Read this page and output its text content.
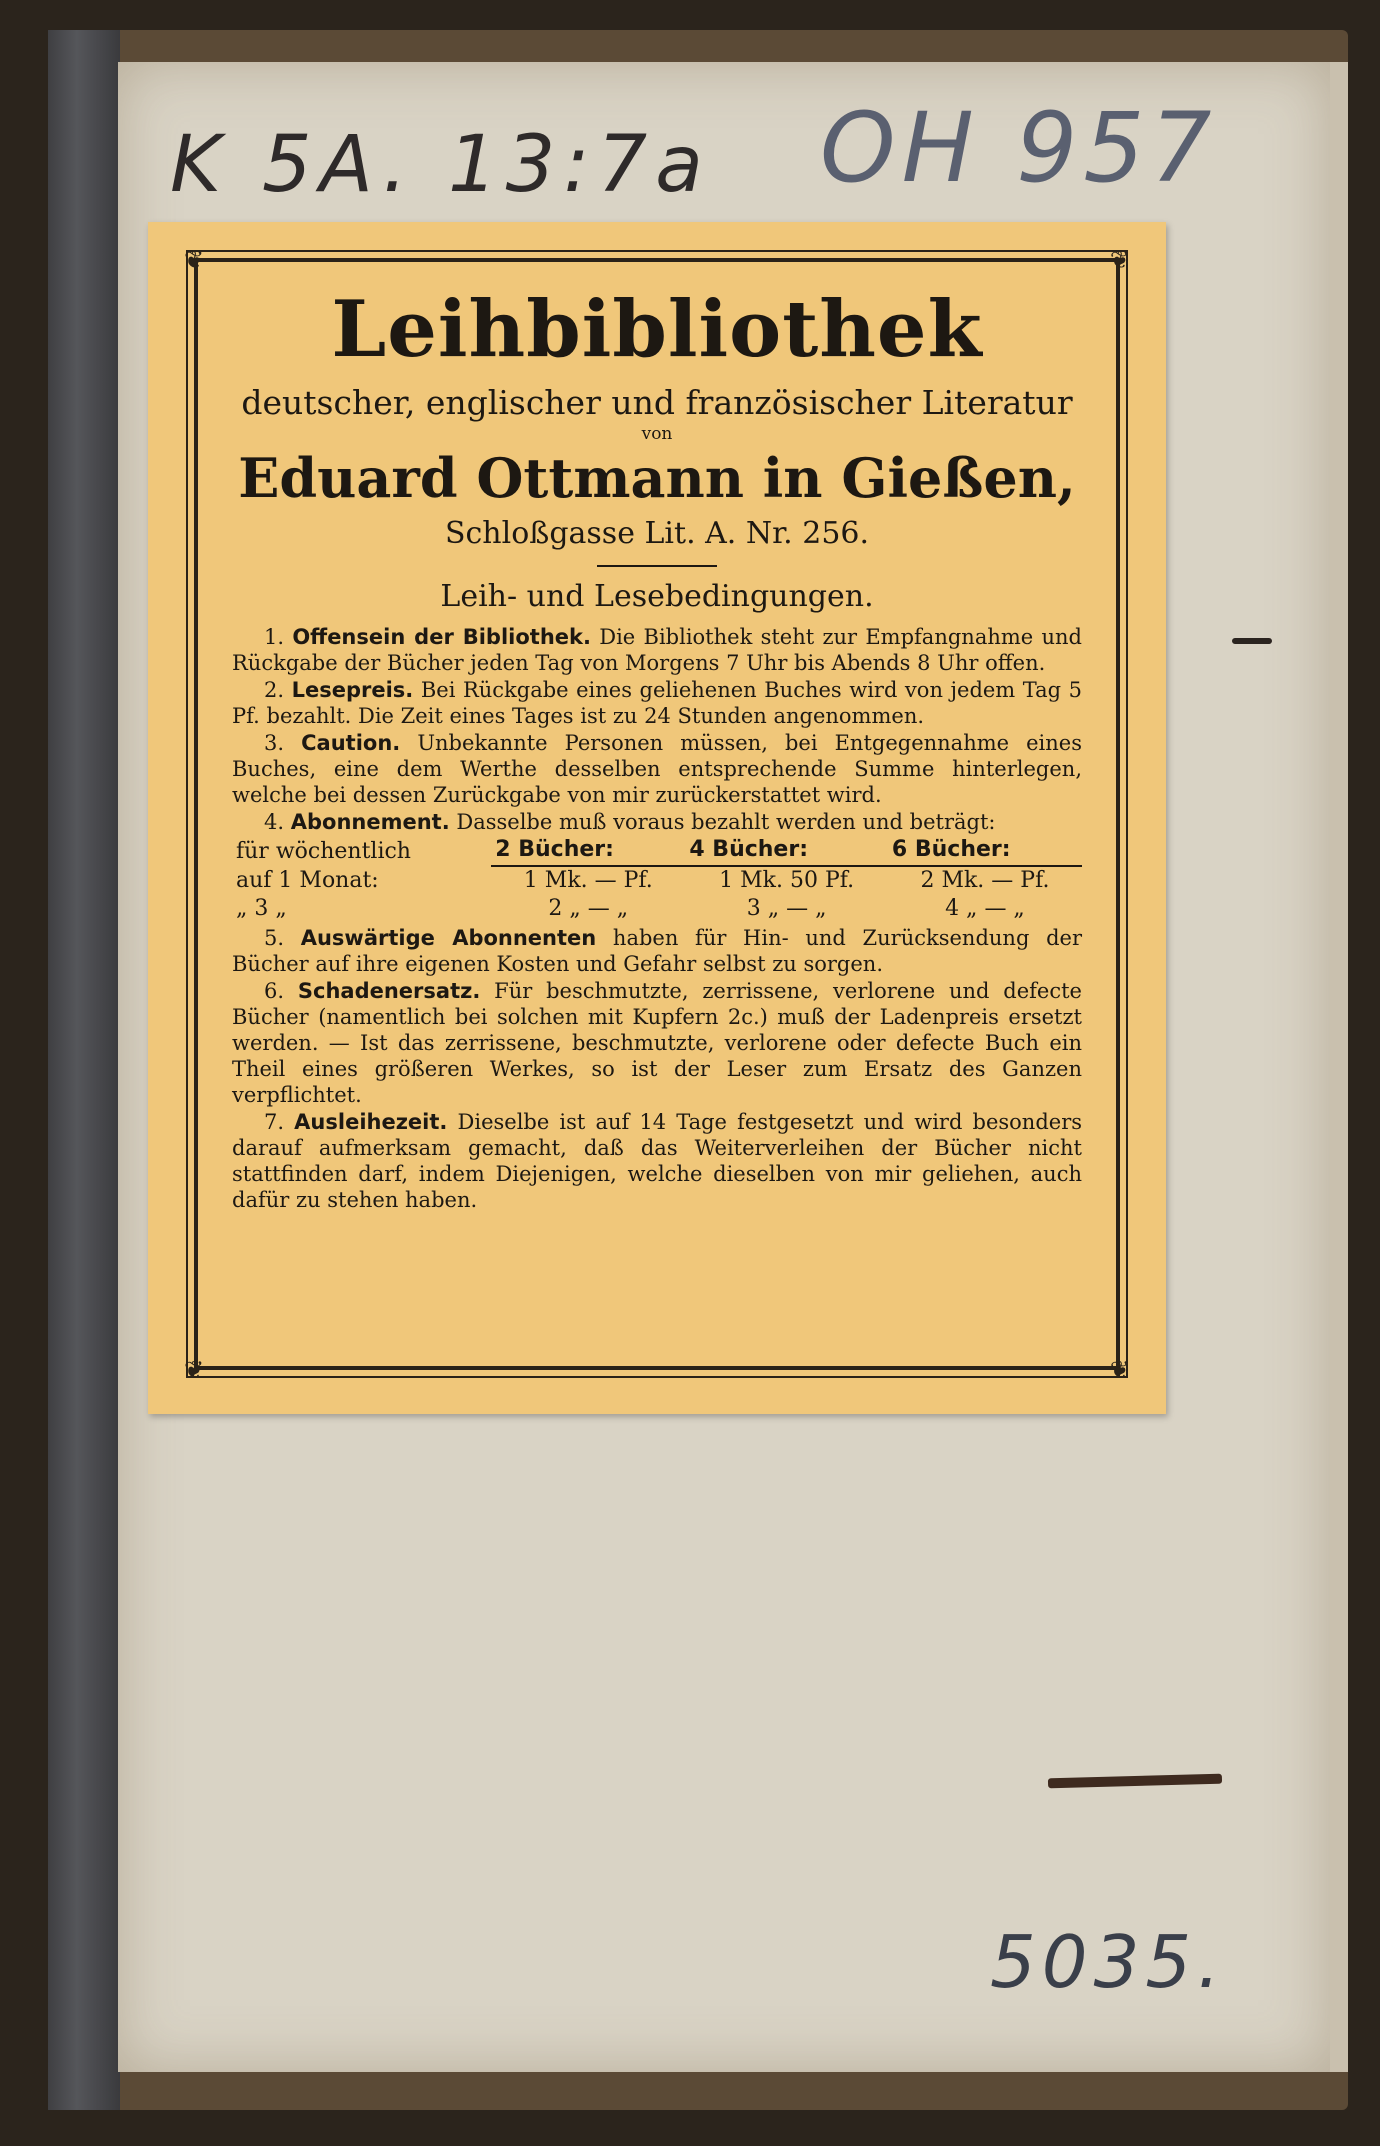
K 5A. 13:7a OH 957
5035.
❦	❦
❦	❦
Leihbibliothek
deutscher, englischer und französischer Literatur
von
Eduard Ottmann in Gießen,
Schloßgasse Lit. A. Nr. 256.
Leih- und Lesebedingungen.

1. Offensein der Bibliothek. Die Bibliothek steht zur Empfangnahme und Rückgabe der Bücher jeden Tag von Morgens 7 Uhr bis Abends 8 Uhr offen.

2. Lesepreis. Bei Rückgabe eines geliehenen Buches wird von jedem Tag 5 Pf. bezahlt. Die Zeit eines Tages ist zu 24 Stunden angenommen.

3. Caution. Unbekannte Personen müssen, bei Entgegennahme eines Buches, eine dem Werthe desselben entsprechende Summe hinterlegen, welche bei dessen Zurückgabe von mir zurückerstattet wird.

4. Abonnement. Dasselbe muß voraus bezahlt werden und beträgt:

für wöchentlich	2 Bücher:	4 Bücher:	6 Bücher:
auf 1 Monat:	1 Mk. — Pf.	1 Mk. 50 Pf.	2 Mk. — Pf.
„ 3 „	2 „ — „	3 „ — „	4 „ — „

5. Auswärtige Abonnenten haben für Hin- und Zurücksendung der Bücher auf ihre eigenen Kosten und Gefahr selbst zu sorgen.

6. Schadenersatz. Für beschmutzte, zerrissene, verlorene und defecte Bücher (namentlich bei solchen mit Kupfern 2c.) muß der Ladenpreis ersetzt werden. — Ist das zerrissene, beschmutzte, verlorene oder defecte Buch ein Theil eines größeren Werkes, so ist der Leser zum Ersatz des Ganzen verpflichtet.

7. Ausleihezeit. Dieselbe ist auf 14 Tage festgesetzt und wird besonders darauf aufmerksam gemacht, daß das Weiterverleihen der Bücher nicht stattfinden darf, indem Diejenigen, welche dieselben von mir geliehen, auch dafür zu stehen haben.
